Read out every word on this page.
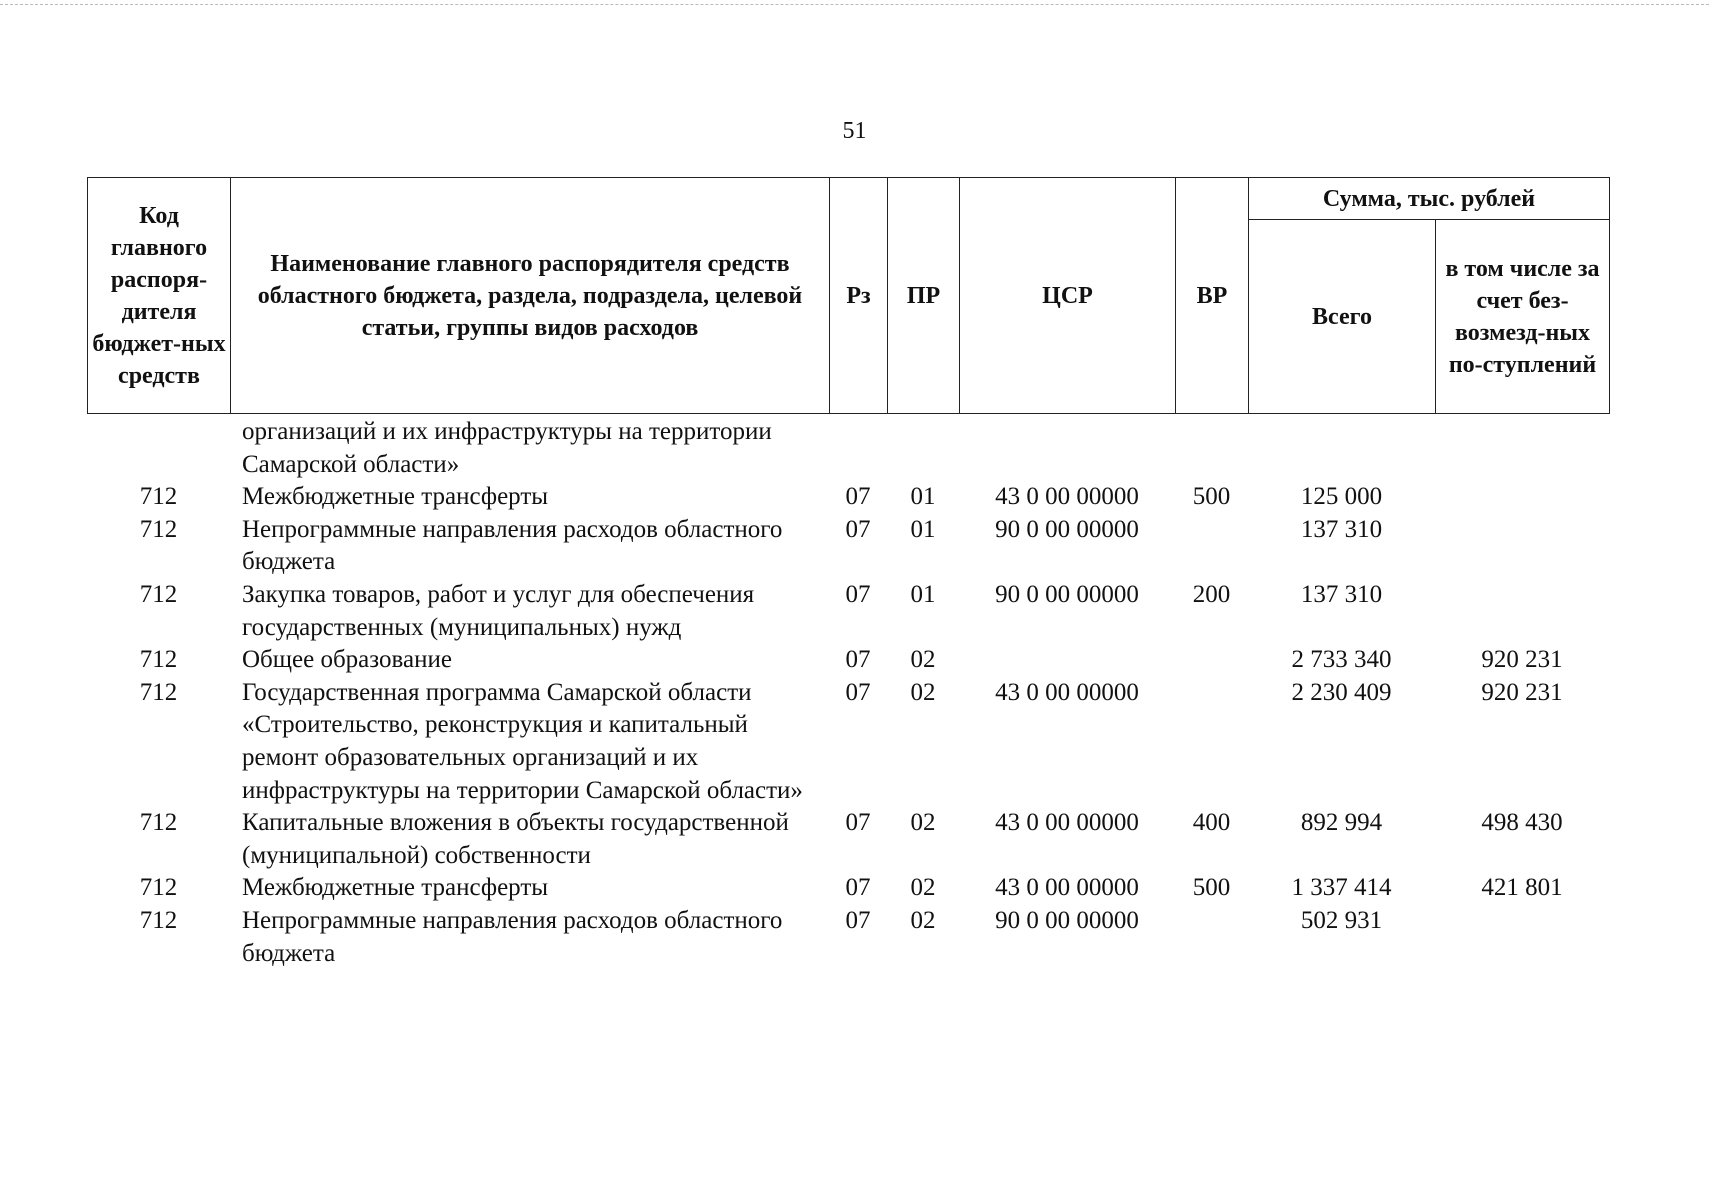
51
Код главного распоря-дителя бюджет-ных средств	Наименование главного распорядителя средств областного бюджета, раздела, подраздела, целевой статьи, группы видов расходов	Рз	ПР	ЦСР	ВР	Сумма, тыс. рублей	
						Всего	в том числе за счет без-возмезд-ных по-ступлений
	организаций и их инфраструктуры на территории Самарской области»						
712	Межбюджетные трансферты	07	01	43 0 00 00000	500	125 000	
712	Непрограммные направления расходов областного бюджета	07	01	90 0 00 00000		137 310	
712	Закупка товаров, работ и услуг для обеспечения государственных (муниципальных) нужд	07	01	90 0 00 00000	200	137 310	
712	Общее образование	07	02			2 733 340	920 231
712	Государственная программа Самарской области «Строительство, реконструкция и капитальный ремонт образовательных организаций и их инфраструктуры на территории Самарской области»	07	02	43 0 00 00000		2 230 409	920 231
712	Капитальные вложения в объекты государственной (муниципальной) собственности	07	02	43 0 00 00000	400	892 994	498 430
712	Межбюджетные трансферты	07	02	43 0 00 00000	500	1 337 414	421 801
712	Непрограммные направления расходов областного бюджета	07	02	90 0 00 00000		502 931	
